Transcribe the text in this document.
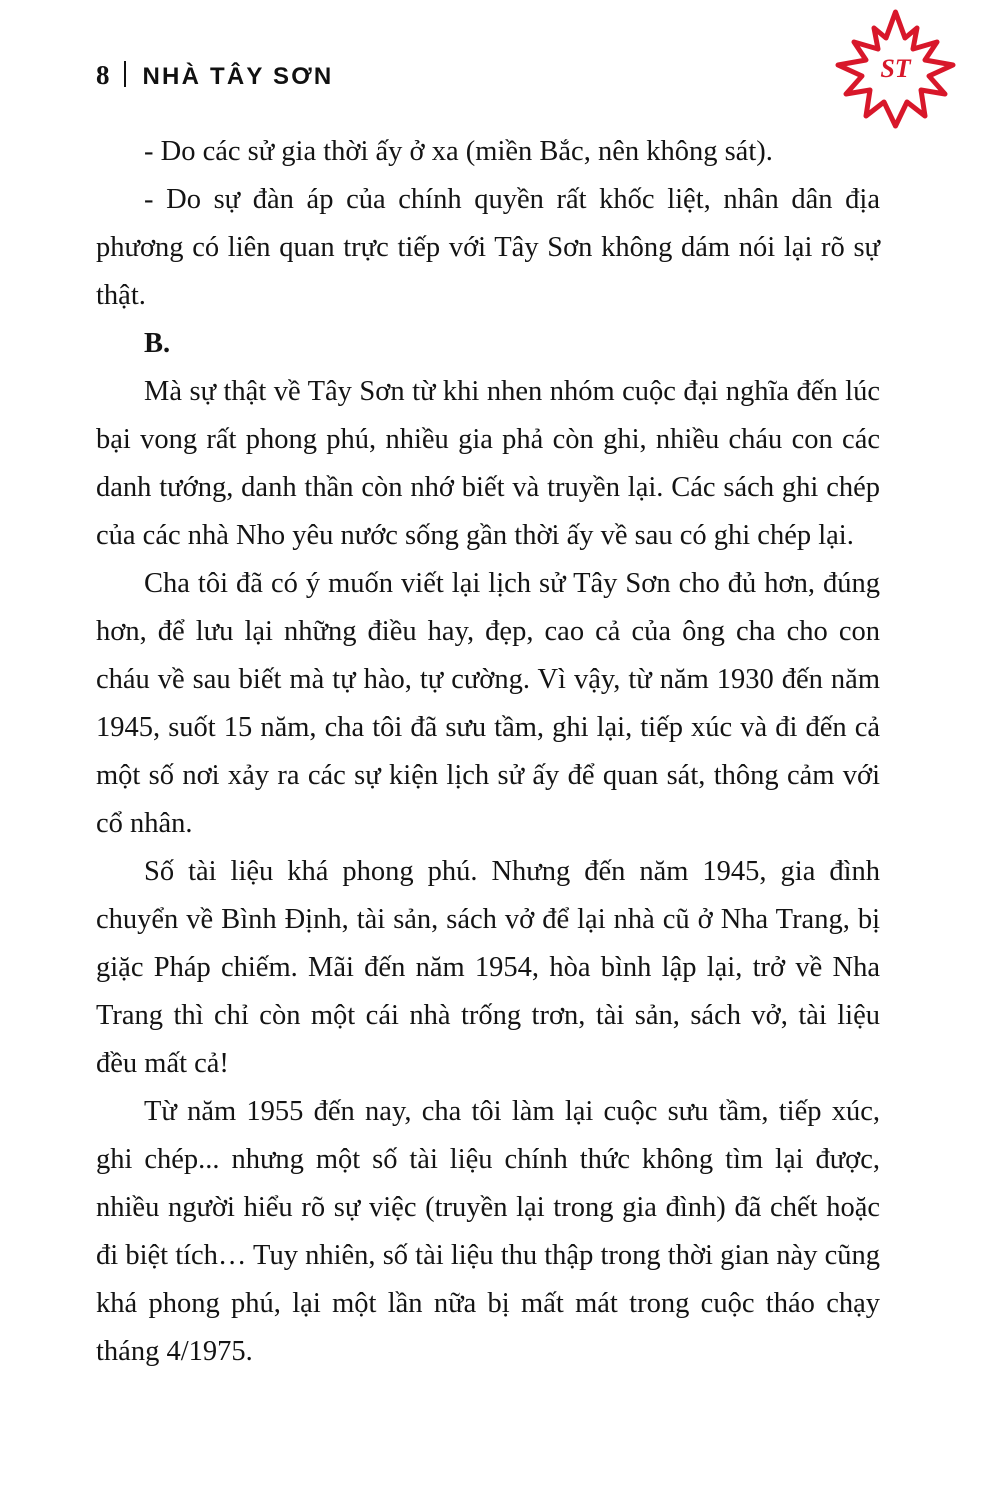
8 NHÀ TÂY SƠN	ST

- Do các sử gia thời ấy ở xa (miền Bắc, nên không sát).

- Do sự đàn áp của chính quyền rất khốc liệt, nhân dân địa phương có liên quan trực tiếp với Tây Sơn không dám nói lại rõ sự thật.

B.

Mà sự thật về Tây Sơn từ khi nhen nhóm cuộc đại nghĩa đến lúc bại vong rất phong phú, nhiều gia phả còn ghi, nhiều cháu con các danh tướng, danh thần còn nhớ biết và truyền lại. Các sách ghi chép của các nhà Nho yêu nước sống gần thời ấy về sau có ghi chép lại.

Cha tôi đã có ý muốn viết lại lịch sử Tây Sơn cho đủ hơn, đúng hơn, để lưu lại những điều hay, đẹp, cao cả của ông cha cho con cháu về sau biết mà tự hào, tự cường. Vì vậy, từ năm 1930 đến năm 1945, suốt 15 năm, cha tôi đã sưu tầm, ghi lại, tiếp xúc và đi đến cả một số nơi xảy ra các sự kiện lịch sử ấy để quan sát, thông cảm với cổ nhân.

Số tài liệu khá phong phú. Nhưng đến năm 1945, gia đình chuyển về Bình Định, tài sản, sách vở để lại nhà cũ ở Nha Trang, bị giặc Pháp chiếm. Mãi đến năm 1954, hòa bình lập lại, trở về Nha Trang thì chỉ còn một cái nhà trống trơn, tài sản, sách vở, tài liệu đều mất cả!

Từ năm 1955 đến nay, cha tôi làm lại cuộc sưu tầm, tiếp xúc, ghi chép... nhưng một số tài liệu chính thức không tìm lại được, nhiều người hiểu rõ sự việc (truyền lại trong gia đình) đã chết hoặc đi biệt tích… Tuy nhiên, số tài liệu thu thập trong thời gian này cũng khá phong phú, lại một lần nữa bị mất mát trong cuộc tháo chạy tháng 4/1975.
